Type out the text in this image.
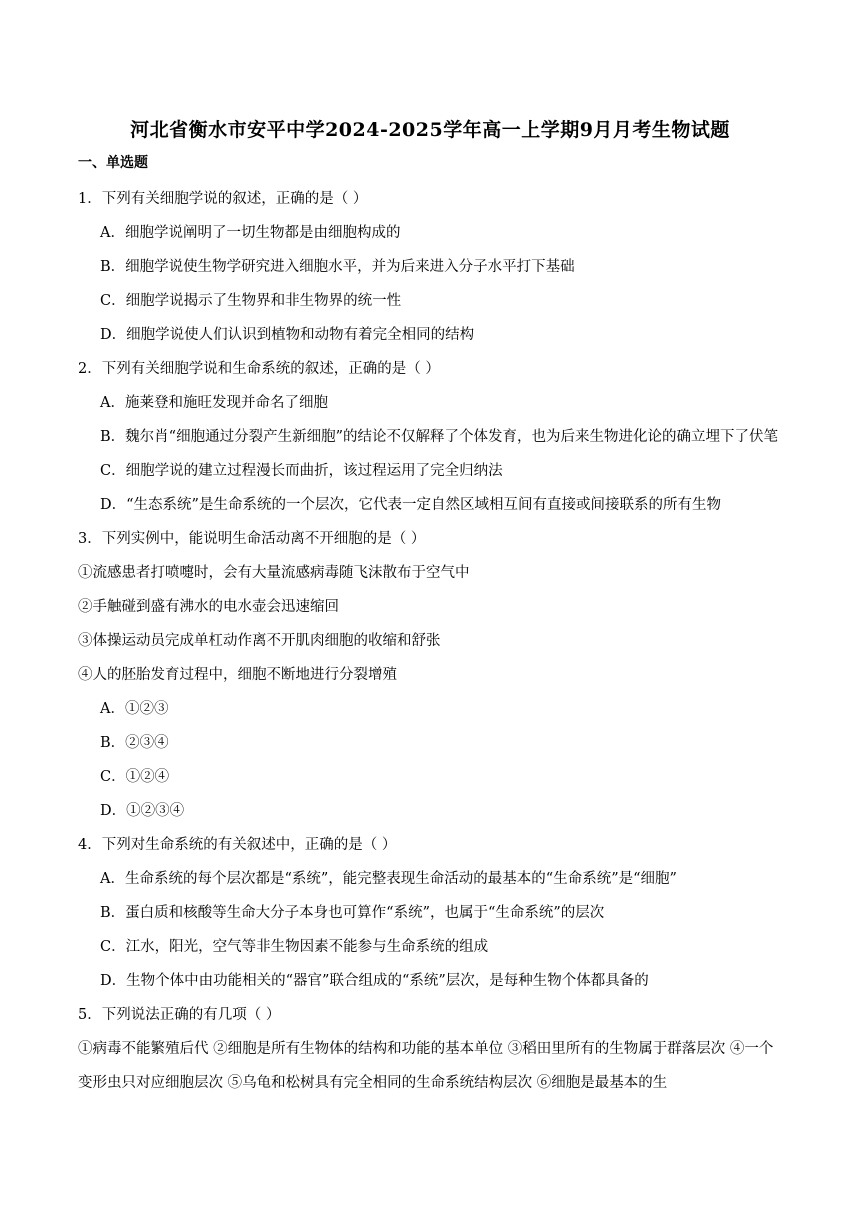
河北省衡水市安平中学2024-2025学年高一上学期9月月考生物试题
一、单选题
1．下列有关细胞学说的叙述，正确的是（ ）
A．细胞学说阐明了一切生物都是由细胞构成的
B．细胞学说使生物学研究进入细胞水平，并为后来进入分子水平打下基础
C．细胞学说揭示了生物界和非生物界的统一性
D．细胞学说使人们认识到植物和动物有着完全相同的结构
2．下列有关细胞学说和生命系统的叙述，正确的是（ ）
A．施莱登和施旺发现并命名了细胞
B．魏尔肖“细胞通过分裂产生新细胞”的结论不仅解释了个体发育，也为后来生物进化论的确立埋下了伏笔
C．细胞学说的建立过程漫长而曲折，该过程运用了完全归纳法
D．“生态系统”是生命系统的一个层次，它代表一定自然区域相互间有直接或间接联系的所有生物
3．下列实例中，能说明生命活动离不开细胞的是（ ）
①流感患者打喷嚏时，会有大量流感病毒随飞沫散布于空气中
②手触碰到盛有沸水的电水壶会迅速缩回
③体操运动员完成单杠动作离不开肌肉细胞的收缩和舒张
④人的胚胎发育过程中，细胞不断地进行分裂增殖
A．①②③
B．②③④
C．①②④
D．①②③④
4．下列对生命系统的有关叙述中，正确的是（ ）
A．生命系统的每个层次都是“系统”，能完整表现生命活动的最基本的“生命系统”是“细胞”
B．蛋白质和核酸等生命大分子本身也可算作“系统”，也属于“生命系统”的层次
C．江水，阳光，空气等非生物因素不能参与生命系统的组成
D．生物个体中由功能相关的“器官”联合组成的“系统”层次，是每种生物个体都具备的
5．下列说法正确的有几项（ ）
①病毒不能繁殖后代 ②细胞是所有生物体的结构和功能的基本单位 ③稻田里所有的生物属于群落层次 ④一个变形虫只对应细胞层次 ⑤乌龟和松树具有完全相同的生命系统结构层次 ⑥细胞是最基本的生
